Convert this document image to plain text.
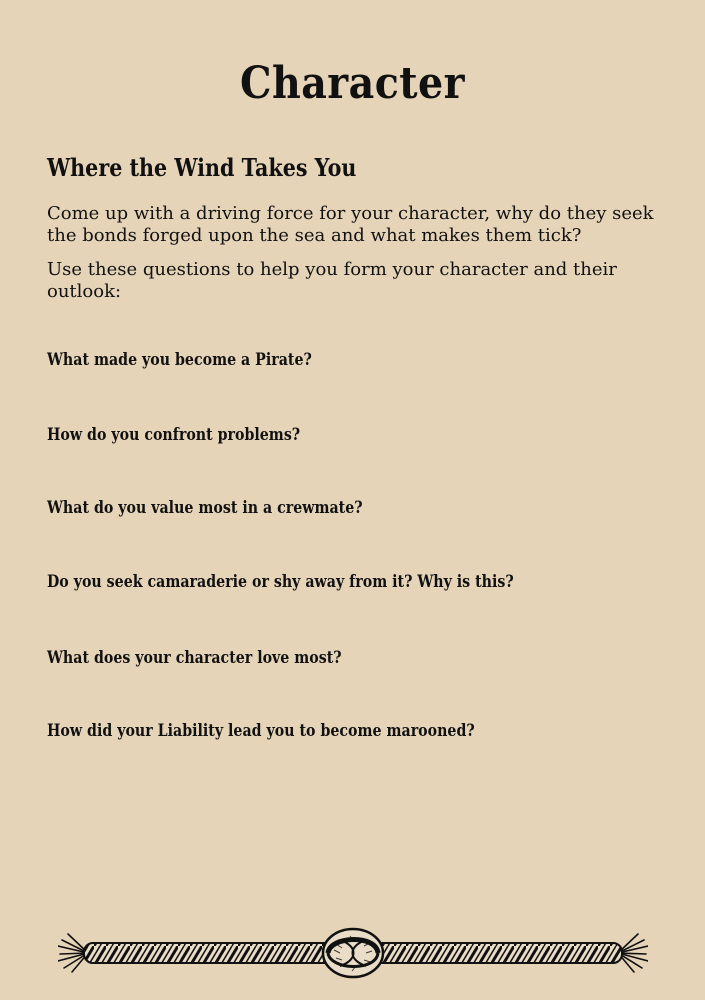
Character
Where the Wind Takes You

Come up with a driving force for your character, why do they seek the bonds forged upon the sea and what makes them tick?

Use these questions to help you form your character and their outlook:

What made you become a Pirate?
How do you confront problems?
What do you value most in a crewmate?
Do you seek camaraderie or shy away from it? Why is this?
What does your character love most?
How did your Liability lead you to become marooned?
